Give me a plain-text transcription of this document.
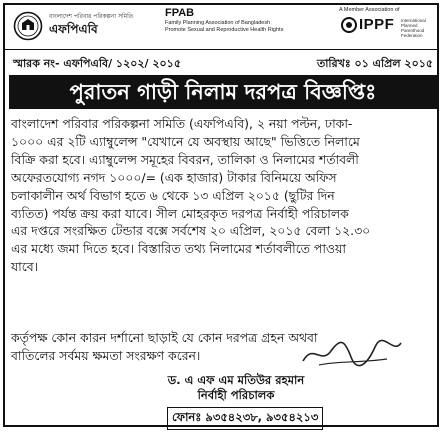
বাংলাদেশ পরিবার পরিকল্পনা সমিতি
এফপিএবি
FPAB
Family Planning Association of Bangladesh
Promote Sexual and Reproductive Health Rights
A Member Association of
IPPF International Planned Parenthood Federation
স্মারক নং- এফপিএবি/ ১২০২/ ২০১৫	তারিখঃ ০১ এপ্রিল ২০১৫
পুরাতন গাড়ী নিলাম দরপত্র বিজ্ঞপ্তিঃ
বাংলাদেশ পরিবার পরিকল্পনা সমিতি (এফপিএবি), ২ নয়া পল্টন, ঢাকা-
১০০০ এর ২টি এ্যাম্বুলেন্স "যেখানে যে অবস্থায় আছে" ভিত্তিতে নিলামে
বিক্রি করা হবে। এ্যাম্বুলেন্স সমূহের বিবরন, তালিকা ও নিলামের শর্তাবলী
অফেরতযোগ্য নগদ ১০০০/= (এক হাজার) টাকার বিনিময়ে অফিস
চলাকালীন অর্থ বিভাগ হতে ৬ থেকে ১৩ এপ্রিল ২০১৫ (ছুটির দিন
ব্যতিত) পর্যন্ত ক্রয় করা যাবে। সীল মোহরকৃত দরপত্র নির্বাহী পরিচালক
এর দপ্তরে সংরক্ষিত টেন্ডার বক্সে সর্বশেষ ২০ এপ্রিল, ২০১৫ বেলা ১২.৩০
এর মধ্যে জমা দিতে হবে। বিস্তারিত তথ্য নিলামের শর্তাবলীতে পাওয়া
যাবে।
কর্তৃপক্ষ কোন কারন দর্শানো ছাড়াই যে কোন দরপত্র গ্রহন অথবা
বাতিলের সর্বময় ক্ষমতা সংরক্ষণ করেন।
ড. এ এফ এম মতিউর রহমান
নির্বাহী পরিচালক
ফোনঃ ৯৩৫৪২৩৮, ৯৩৫৪২১৩
